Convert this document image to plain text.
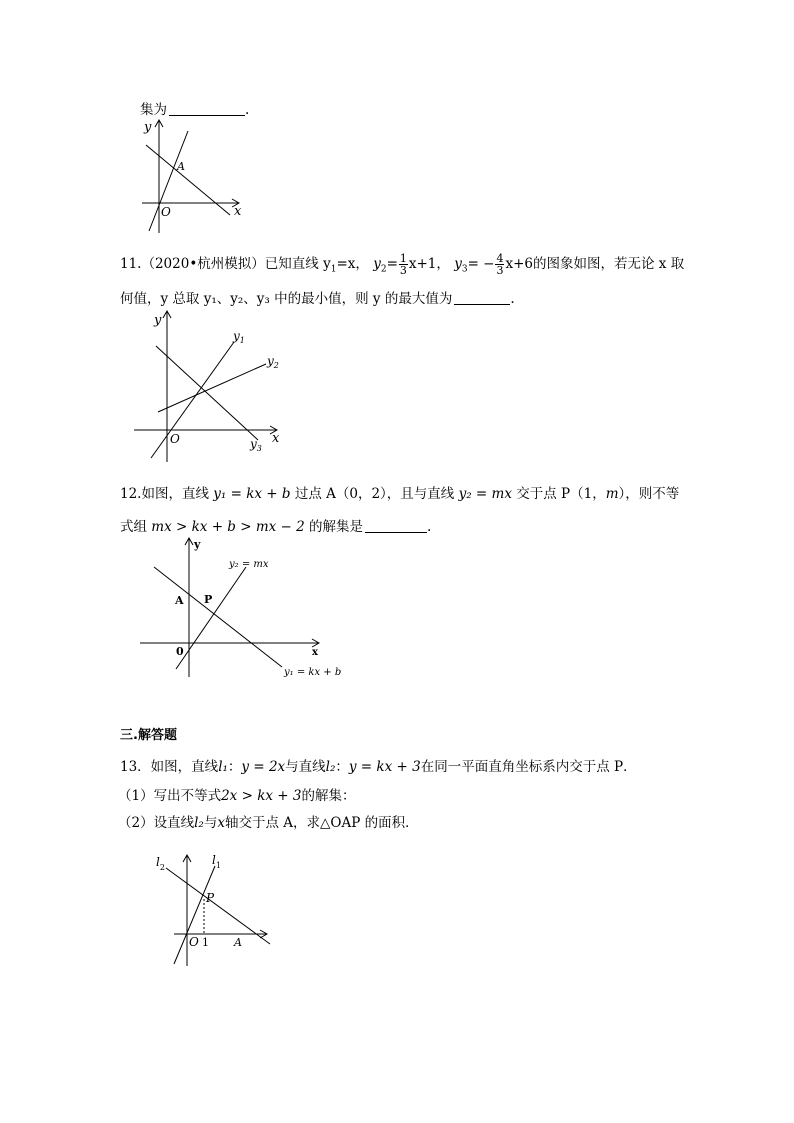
集为	.
y
x
O
A
11.（2020•杭州模拟）已知直线 $y_1=x$， $y_2= \frac{1}{3} x+1$， $y_3= - \frac{4}{3} x+6$的图象如图，若无论 x 取
何值，y 总取 y₁、y₂、y₃ 中的最小值，则 y 的最大值为	.
y
x
O
$y_1$
$y_2$
$y_3$
12.如图，直线 y₁ = kx + b 过点 A（0，2），且与直线 y₂ = mx 交于点 P（1，m），则不等
式组 mx > kx + b > mx − 2 的解集是	.
y
x
0
A P
y₂ = mx
y₁ = kx + b
三.解答题
13．如图，直线l₁：y = 2x与直线l₂：y = kx + 3在同一平面直角坐标系内交于点 P．
（1）写出不等式2x > kx + 3的解集：
（2）设直线l₂与x轴交于点 A，求△OAP 的面积．
$l_2$
$l_1$
P
O 1 A
